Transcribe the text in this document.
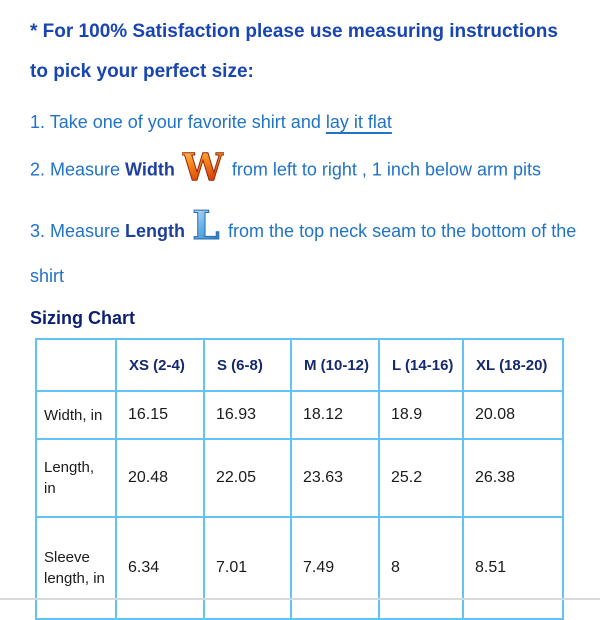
* For 100% Satisfaction please use measuring instructions
to pick your perfect size:

1. Take one of your favorite shirt and lay it flat

2. Measure Width W from left to right , 1 inch below arm pits

3. Measure Length L from the top neck seam to the bottom of the shirt

Sizing Chart
	XS (2-4)	S (6-8)	M (10-12)	L (14-16)	XL (18-20)
Width, in	16.15	16.93	18.12	18.9	20.08
Length, in	20.48	22.05	23.63	25.2	26.38
Sleeve length, in	6.34	7.01	7.49	8	8.51
